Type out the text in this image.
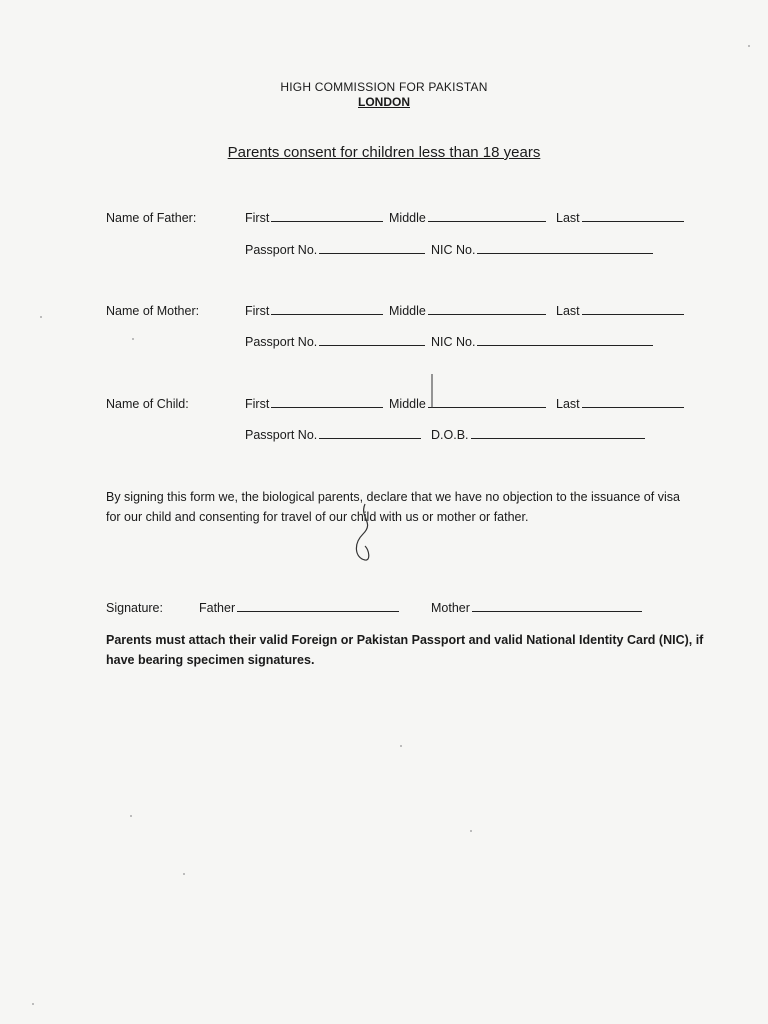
HIGH COMMISSION FOR PAKISTAN
LONDON
Parents consent for children less than 18 years
Name of Father:	First	Middle	Last
Passport No.	NIC No.
Name of Mother:	First	Middle	Last
Passport No.	NIC No.
Name of Child:	First	Middle	Last
Passport No.	D.O.B.
By signing this form we, the biological parents, declare that we have no objection to the issuance of visa for our child and consenting for travel of our child with us or mother or father.
Signature:	Father	Mother
Parents must attach their valid Foreign or Pakistan Passport and valid National Identity Card (NIC), if have bearing specimen signatures.
